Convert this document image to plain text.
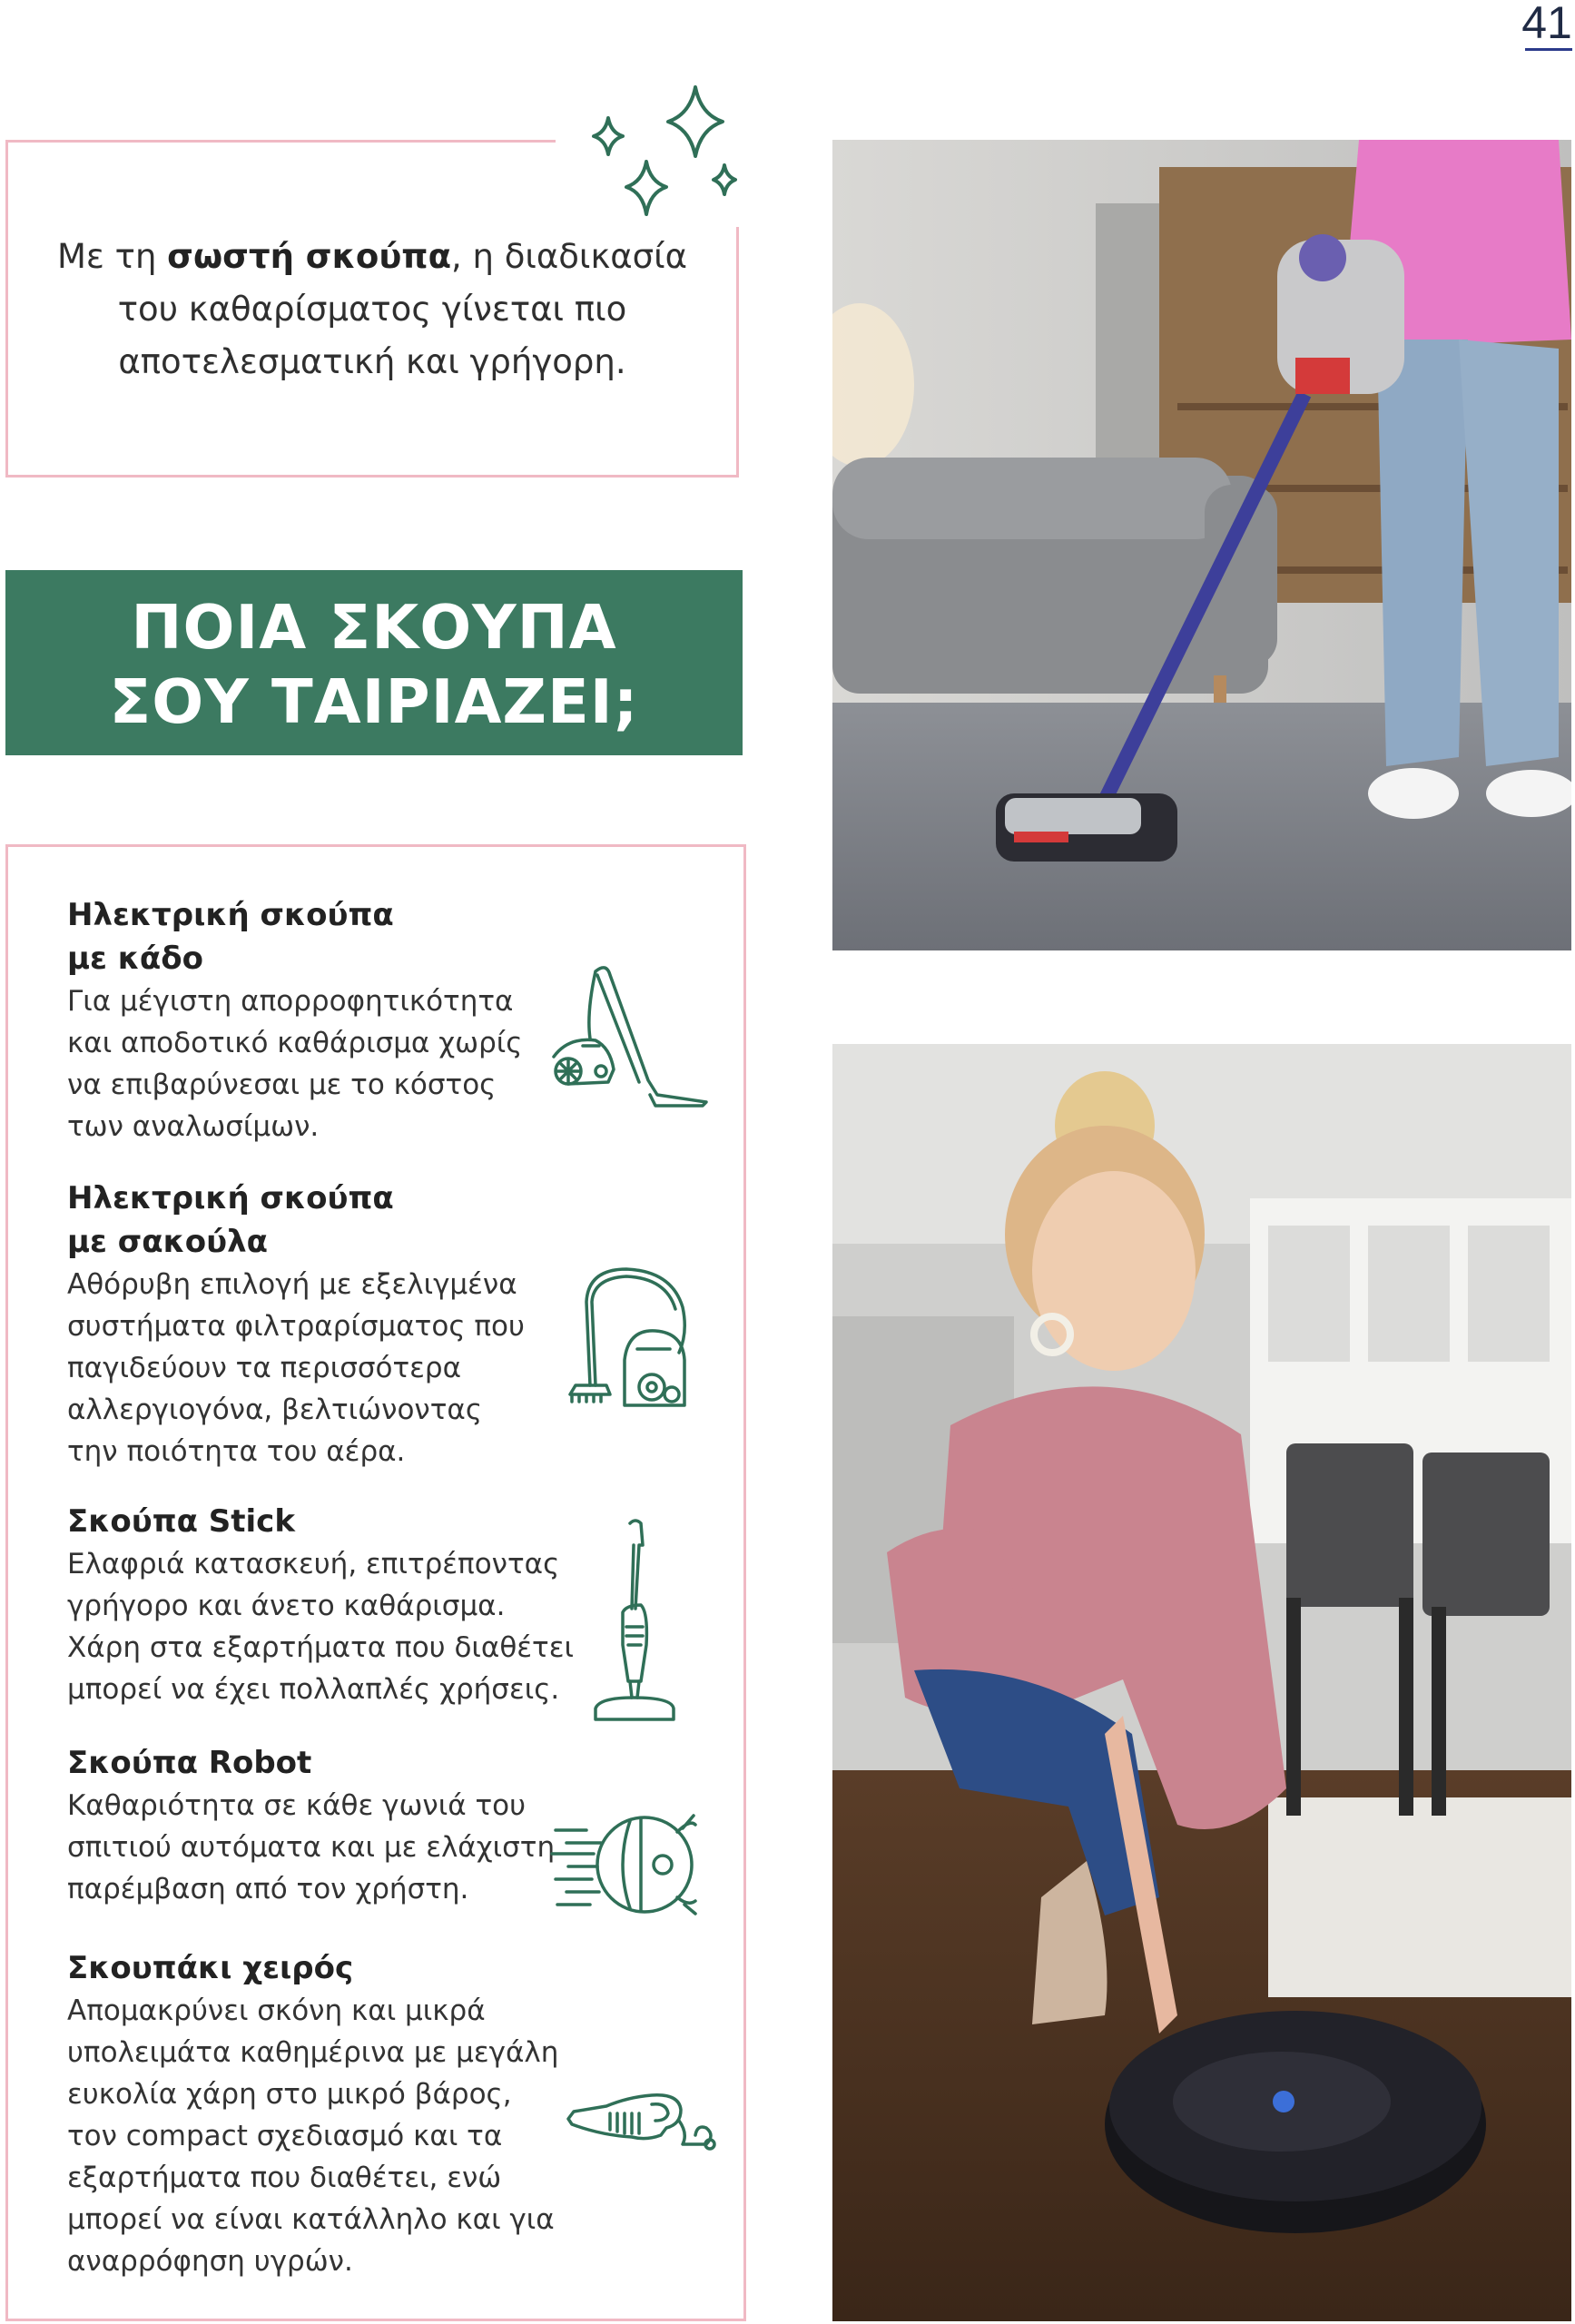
41
Με τη σωστή σκούπα, η διαδικασία
του καθαρίσματος γίνεται πιο
αποτελεσματική και γρήγορη.
ΠΟΙΑ ΣΚΟΥΠΑ
ΣΟΥ ΤΑΙΡΙΑΖΕΙ;

Ηλεκτρική σκούπα
με κάδο

Για μέγιστη απορροφητικότητα
και αποδοτικό καθάρισμα χωρίς
να επιβαρύνεσαι με το κόστος
των αναλωσίμων.

Ηλεκτρική σκούπα
με σακούλα

Αθόρυβη επιλογή με εξελιγμένα
συστήματα φιλτραρίσματος που
παγιδεύουν τα περισσότερα
αλλεργιογόνα, βελτιώνοντας
την ποιότητα του αέρα.

Σκούπα Stick

Ελαφριά κατασκευή, επιτρέποντας
γρήγορο και άνετο καθάρισμα.
Χάρη στα εξαρτήματα που διαθέτει
μπορεί να έχει πολλαπλές χρήσεις.

Σκούπα Robot

Καθαριότητα σε κάθε γωνιά του
σπιτιού αυτόματα και με ελάχιστη
παρέμβαση από τον χρήστη.

Σκουπάκι χειρός

Απομακρύνει σκόνη και μικρά
υπολειμάτα καθημέρινα με μεγάλη
ευκολία χάρη στο μικρό βάρος,
τον compact σχεδιασμό και τα
εξαρτήματα που διαθέτει, ενώ
μπορεί να είναι κατάλληλο και για
αναρρόφηση υγρών.
